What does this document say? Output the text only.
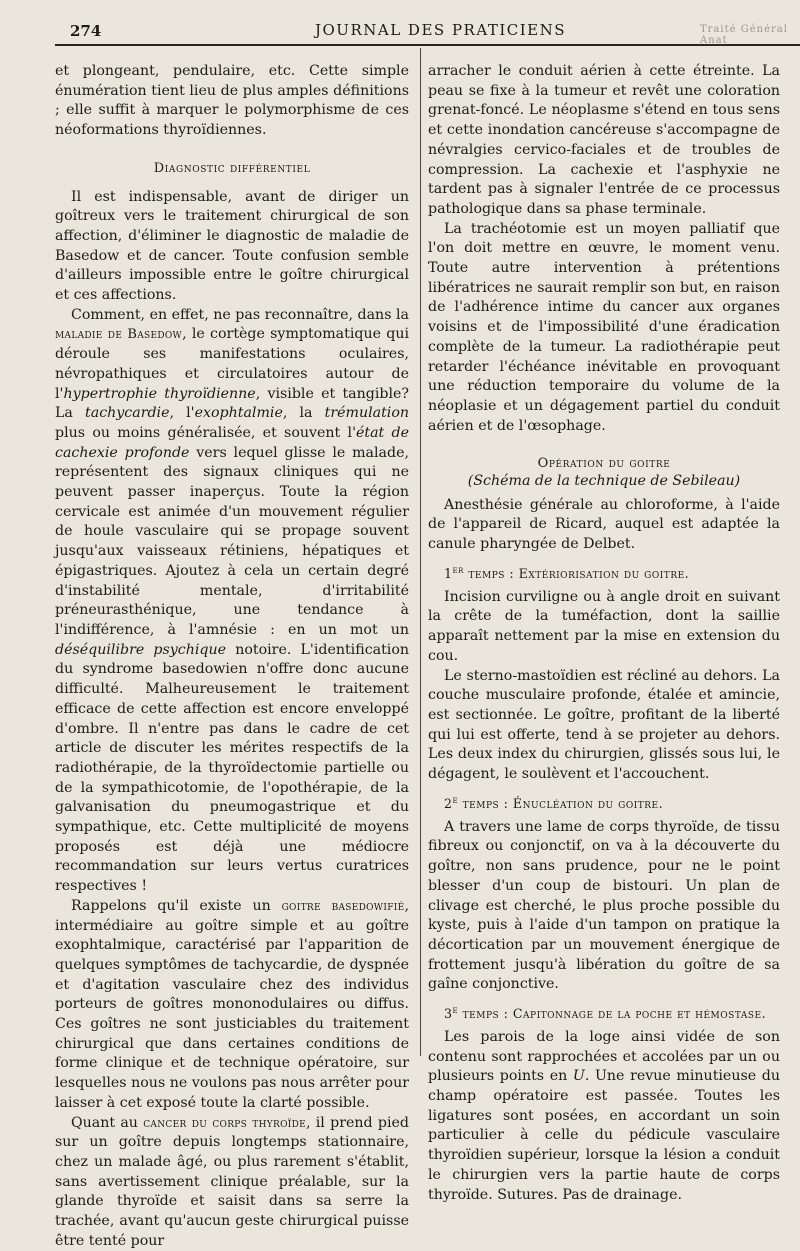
274	JOURNAL DES PRATICIENS	Traité Général Anat

et plongeant, pendulaire, etc. Cette simple énumération tient lieu de plus amples définitions ; elle suffit à marquer le polymorphisme de ces néoformations thyroïdiennes.

Diagnostic différentiel

Il est indispensable, avant de diriger un goîtreux vers le traitement chirurgical de son affection, d'éliminer le diagnostic de maladie de Basedow et de cancer. Toute confusion semble d'ailleurs impossible entre le goître chirurgical et ces affections.

Comment, en effet, ne pas reconnaître, dans la maladie de Basedow, le cortège symptomatique qui déroule ses manifestations oculaires, névropathiques et circulatoires autour de l'hypertrophie thyroïdienne, visible et tangible? La tachycardie, l'exophtalmie, la trémulation plus ou moins généralisée, et souvent l'état de cachexie profonde vers lequel glisse le malade, représentent des signaux cliniques qui ne peuvent passer inaperçus. Toute la région cervicale est animée d'un mouvement régulier de houle vasculaire qui se propage souvent jusqu'aux vaisseaux rétiniens, hépatiques et épigastriques. Ajoutez à cela un certain degré d'instabilité mentale, d'irritabilité préneurasthénique, une tendance à l'indifférence, à l'amnésie : en un mot un déséquilibre psychique notoire. L'identification du syndrome basedowien n'offre donc aucune difficulté. Malheureusement le traitement efficace de cette affection est encore enveloppé d'ombre. Il n'entre pas dans le cadre de cet article de discuter les mérites respectifs de la radiothérapie, de la thyroïdectomie partielle ou de la sympathicotomie, de l'opothérapie, de la galvanisation du pneumogastrique et du sympathique, etc. Cette multiplicité de moyens proposés est déjà une médiocre recommandation sur leurs vertus curatrices respectives !

Rappelons qu'il existe un goitre basedowifié, intermédiaire au goître simple et au goître exophtalmique, caractérisé par l'apparition de quelques symptômes de tachycardie, de dyspnée et d'agitation vasculaire chez des individus porteurs de goîtres mononodulaires ou diffus. Ces goîtres ne sont justiciables du traitement chirurgical que dans certaines conditions de forme clinique et de technique opératoire, sur lesquelles nous ne voulons pas nous arrêter pour laisser à cet exposé toute la clarté possible.

Quant au cancer du corps thyroïde, il prend pied sur un goître depuis longtemps stationnaire, chez un malade âgé, ou plus rarement s'établit, sans avertissement clinique préalable, sur la glande thyroïde et saisit dans sa serre la trachée, avant qu'aucun geste chirurgical puisse être tenté pour

arracher le conduit aérien à cette étreinte. La peau se fixe à la tumeur et revêt une coloration grenat-foncé. Le néoplasme s'étend en tous sens et cette inondation cancéreuse s'accompagne de névralgies cervico-faciales et de troubles de compression. La cachexie et l'asphyxie ne tardent pas à signaler l'entrée de ce processus pathologique dans sa phase terminale.

La trachéotomie est un moyen palliatif que l'on doit mettre en œuvre, le moment venu. Toute autre intervention à prétentions libératrices ne saurait remplir son but, en raison de l'adhérence intime du cancer aux organes voisins et de l'impossibilité d'une éradication complète de la tumeur. La radiothérapie peut retarder l'échéance inévitable en provoquant une réduction temporaire du volume de la néoplasie et un dégagement partiel du conduit aérien et de l'œsophage.

Opération du goitre
(Schéma de la technique de Sebileau)

Anesthésie générale au chloroforme, à l'aide de l'appareil de Ricard, auquel est adaptée la canule pharyngée de Delbet.

1er temps : Extériorisation du goitre.

Incision curviligne ou à angle droit en suivant la crête de la tuméfaction, dont la saillie apparaît nettement par la mise en extension du cou.

Le sterno-mastoïdien est récliné au dehors. La couche musculaire profonde, étalée et amincie, est sectionnée. Le goître, profitant de la liberté qui lui est offerte, tend à se projeter au dehors. Les deux index du chirurgien, glissés sous lui, le dégagent, le soulèvent et l'accouchent.

2e temps : Énucléation du goitre.

A travers une lame de corps thyroïde, de tissu fibreux ou conjonctif, on va à la découverte du goître, non sans prudence, pour ne le point blesser d'un coup de bistouri. Un plan de clivage est cherché, le plus proche possible du kyste, puis à l'aide d'un tampon on pratique la décortication par un mouvement énergique de frottement jusqu'à libération du goître de sa gaîne conjonctive.

3e temps : Capitonnage de la poche et hémostase.

Les parois de la loge ainsi vidée de son contenu sont rapprochées et accolées par un ou plusieurs points en U. Une revue minutieuse du champ opératoire est passée. Toutes les ligatures sont posées, en accordant un soin particulier à celle du pédicule vasculaire thyroïdien supérieur, lorsque la lésion a conduit le chirurgien vers la partie haute de corps thyroïde. Sutures. Pas de drainage.
